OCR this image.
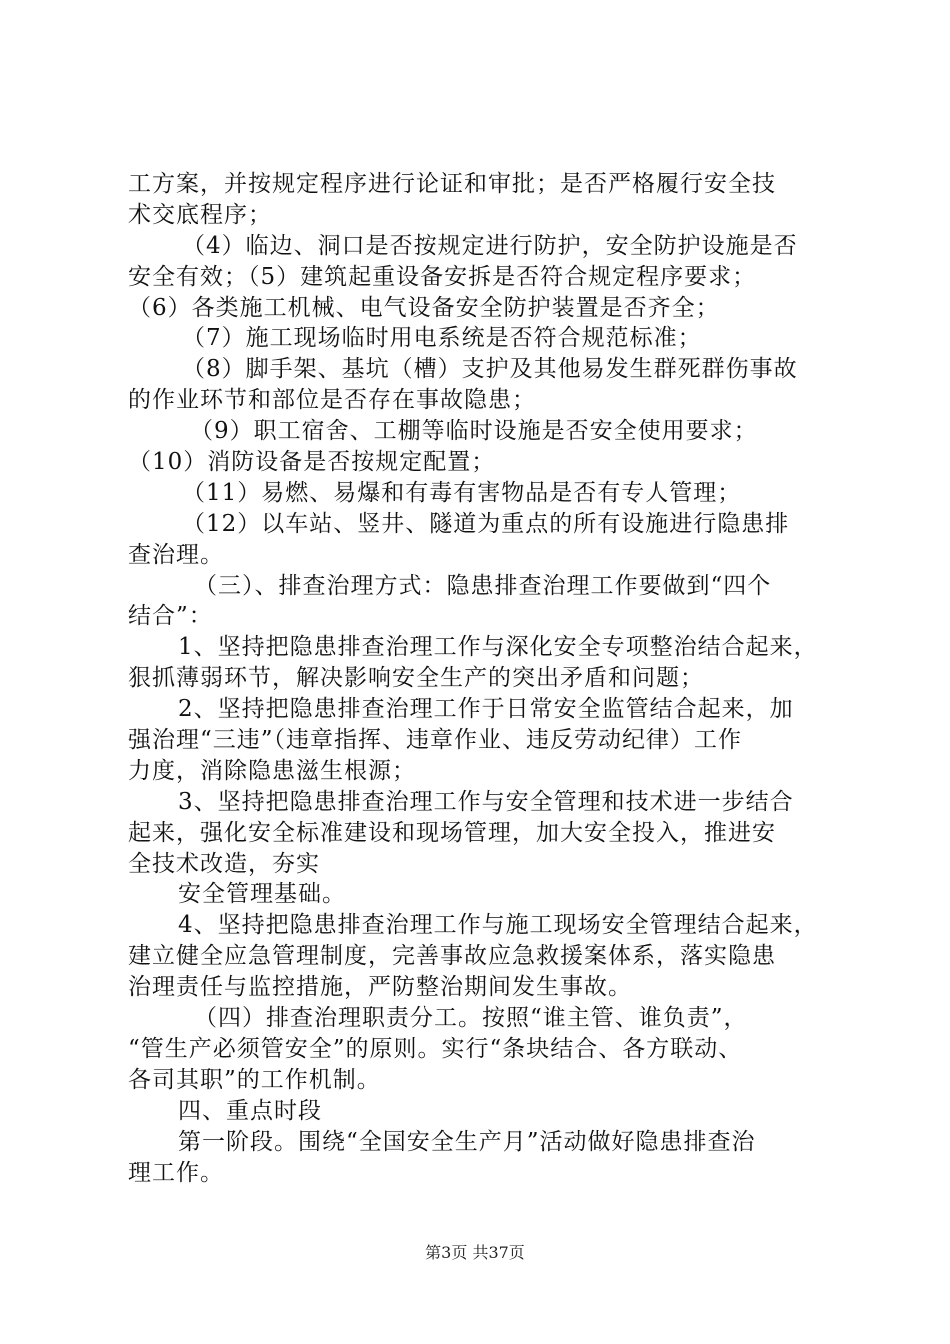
工方案，并按规定程序进行论证和审批；是否严格履行安全技
术交底程序；
（4）临边、洞口是否按规定进行防护，安全防护设施是否
安全有效；（5）建筑起重设备安拆是否符合规定程序要求；
（6）各类施工机械、电气设备安全防护装置是否齐全；
（7）施工现场临时用电系统是否符合规范标准；
（8）脚手架、基坑（槽）支护及其他易发生群死群伤事故
的作业环节和部位是否存在事故隐患；
（9）职工宿舍、工棚等临时设施是否安全使用要求；
（10）消防设备是否按规定配置；
（11）易燃、易爆和有毒有害物品是否有专人管理；
（12）以车站、竖井、隧道为重点的所有设施进行隐患排
查治理。
（三）、排查治理方式：隐患排查治理工作要做到“四个
结合”：
1、坚持把隐患排查治理工作与深化安全专项整治结合起来，
狠抓薄弱环节，解决影响安全生产的突出矛盾和问题；
2、坚持把隐患排查治理工作于日常安全监管结合起来，加
强治理“三违”（违章指挥、违章作业、违反劳动纪律）工作
力度，消除隐患滋生根源；
3、坚持把隐患排查治理工作与安全管理和技术进一步结合
起来，强化安全标准建设和现场管理，加大安全投入，推进安
全技术改造，夯实
安全管理基础。
4、坚持把隐患排查治理工作与施工现场安全管理结合起来，
建立健全应急管理制度，完善事故应急救援案体系，落实隐患
治理责任与监控措施，严防整治期间发生事故。
（四）排查治理职责分工。按照“谁主管、谁负责”，
“管生产必须管安全”的原则。实行“条块结合、各方联动、
各司其职”的工作机制。
四、重点时段
第一阶段。围绕“全国安全生产月”活动做好隐患排查治
理工作。
第3页 共37页
